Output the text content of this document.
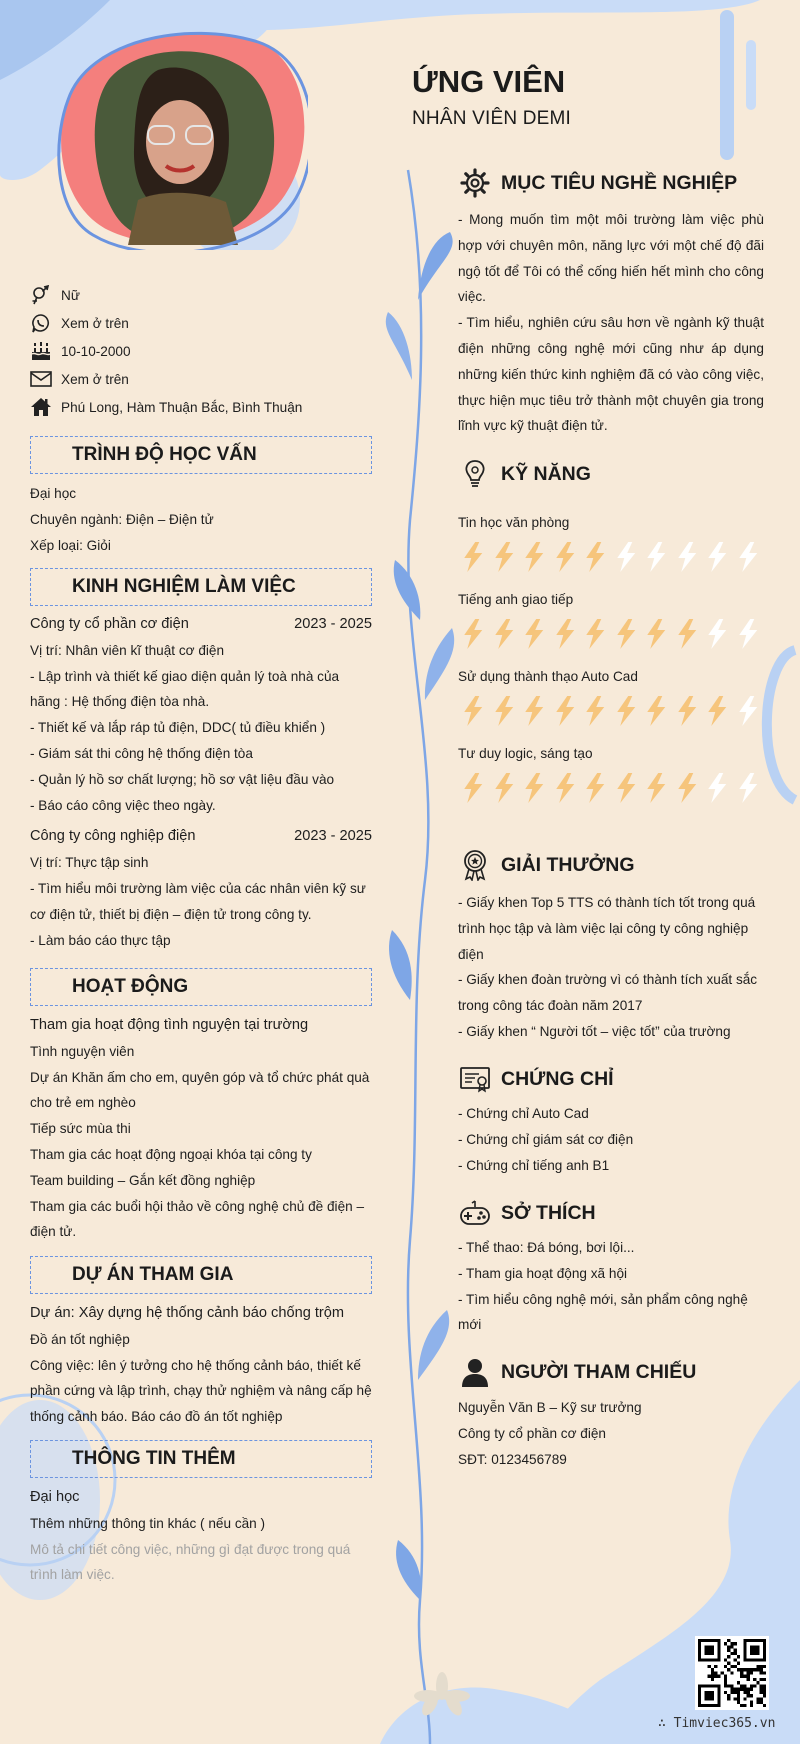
ỨNG VIÊN
NHÂN VIÊN DEMI
Nữ
Xem ở trên
10-10-2000
Xem ở trên
Phú Long, Hàm Thuận Bắc, Bình Thuận
TRÌNH ĐỘ HỌC VẤN
Đại học
Chuyên ngành: Điện – Điện tử
Xếp loại: Giỏi
KINH NGHIỆM LÀM VIỆC
Công ty cổ phần cơ điện	2023 - 2025
Vị trí: Nhân viên kĩ thuật cơ điện
- Lập trình và thiết kế giao diện quản lý toà nhà của hãng : Hệ thống điện tòa nhà.
- Thiết kế và lắp ráp tủ điện, DDC( tủ điều khiển )
- Giám sát thi công hệ thống điện tòa
- Quản lý hồ sơ chất lượng; hồ sơ vật liệu đầu vào
- Báo cáo công việc theo ngày.
Công ty công nghiệp điện	2023 - 2025
Vị trí: Thực tập sinh
- Tìm hiểu môi trường làm việc của các nhân viên kỹ sư cơ điện tử, thiết bị điện – điện tử trong công ty.
- Làm báo cáo thực tập
HOẠT ĐỘNG
Tham gia hoạt động tình nguyện tại trường
Tình nguyện viên
Dự án Khăn ấm cho em, quyên góp và tổ chức phát quà cho trẻ em nghèo
Tiếp sức mùa thi
Tham gia các hoạt động ngoại khóa tại công ty
Team building – Gắn kết đồng nghiệp
Tham gia các buổi hội thảo về công nghệ chủ đề điện – điện tử.
DỰ ÁN THAM GIA
Dự án: Xây dựng hệ thống cảnh báo chống trộm
Đồ án tốt nghiệp
Công việc: lên ý tưởng cho hệ thống cảnh báo, thiết kế phần cứng và lập trình, chạy thử nghiệm và nâng cấp hệ thống cảnh báo. Báo cáo đồ án tốt nghiệp
THÔNG TIN THÊM
Đại học
Thêm những thông tin khác ( nếu cần )
Mô tả chi tiết công việc, những gì đạt được trong quá trình làm việc.
MỤC TIÊU NGHỀ NGHIỆP
- Mong muốn tìm một môi trường làm việc phù hợp với chuyên môn, năng lực với một chế độ đãi ngộ tốt để Tôi có thể cống hiến hết mình cho công việc.
- Tìm hiểu, nghiên cứu sâu hơn về ngành kỹ thuật điện những công nghệ mới cũng như áp dụng những kiến thức kinh nghiệm đã có vào công việc, thực hiện mục tiêu trở thành một chuyên gia trong lĩnh vực kỹ thuật điện tử.
KỸ NĂNG
Tin học văn phòng
Tiếng anh giao tiếp
Sử dụng thành thạo Auto Cad
Tư duy logic, sáng tạo
GIẢI THƯỞNG
- Giấy khen Top 5 TTS có thành tích tốt trong quá trình học tập và làm việc lại công ty công nghiệp điện
- Giấy khen đoàn trường vì có thành tích xuất sắc trong công tác đoàn năm 2017
- Giấy khen “ Người tốt – việc tốt” của trường
CHỨNG CHỈ
- Chứng chỉ Auto Cad
- Chứng chỉ giám sát cơ điện
- Chứng chỉ tiếng anh B1
SỞ THÍCH
- Thể thao: Đá bóng, bơi lội...
- Tham gia hoạt động xã hội
- Tìm hiểu công nghệ mới, sản phẩm công nghệ mới
NGƯỜI THAM CHIẾU
Nguyễn Văn B – Kỹ sư trưởng
Công ty cổ phần cơ điện
SĐT: 0123456789
∴ Timviec365.vn
